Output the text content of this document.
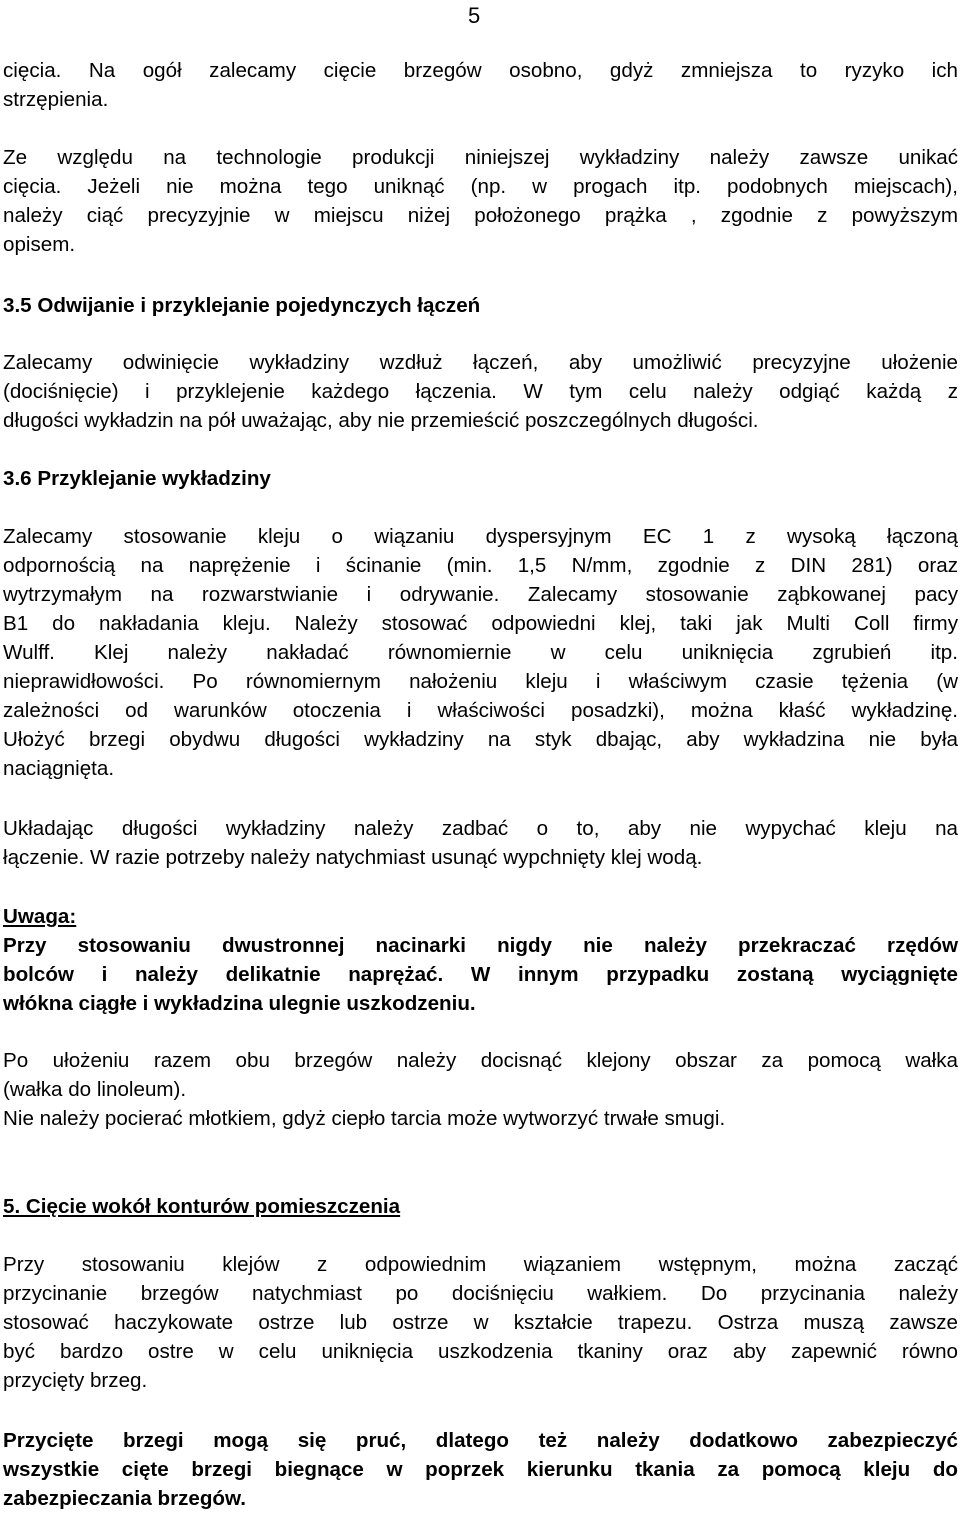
5
cięcia. Na ogół zalecamy cięcie brzegów osobno, gdyż zmniejsza to ryzyko ich
strzępienia.
Ze względu na technologie produkcji niniejszej wykładziny należy zawsze unikać
cięcia. Jeżeli nie można tego uniknąć (np. w progach itp. podobnych miejscach),
należy ciąć precyzyjnie w miejscu niżej położonego prążka , zgodnie z powyższym
opisem.
3.5 Odwijanie i przyklejanie pojedynczych łączeń
Zalecamy odwinięcie wykładziny wzdłuż łączeń, aby umożliwić precyzyjne ułożenie
(dociśnięcie) i przyklejenie każdego łączenia. W tym celu należy odgiąć każdą z
długości wykładzin na pół uważając, aby nie przemieścić poszczególnych długości.
3.6 Przyklejanie wykładziny
Zalecamy stosowanie kleju o wiązaniu dyspersyjnym EC 1 z wysoką łączoną
odpornością na naprężenie i ścinanie (min. 1,5 N/mm, zgodnie z DIN 281) oraz
wytrzymałym na rozwarstwianie i odrywanie. Zalecamy stosowanie ząbkowanej pacy
B1 do nakładania kleju. Należy stosować odpowiedni klej, taki jak Multi Coll firmy
Wulff. Klej należy nakładać równomiernie w celu uniknięcia zgrubień itp.
nieprawidłowości. Po równomiernym nałożeniu kleju i właściwym czasie tężenia (w
zależności od warunków otoczenia i właściwości posadzki), można kłaść wykładzinę.
Ułożyć brzegi obydwu długości wykładziny na styk dbając, aby wykładzina nie była
naciągnięta.
Układając długości wykładziny należy zadbać o to, aby nie wypychać kleju na
łączenie. W razie potrzeby należy natychmiast usunąć wypchnięty klej wodą.
Uwaga:
Przy stosowaniu dwustronnej nacinarki nigdy nie należy przekraczać rzędów
bolców i należy delikatnie naprężać. W innym przypadku zostaną wyciągnięte
włókna ciągłe i wykładzina ulegnie uszkodzeniu.
Po ułożeniu razem obu brzegów należy docisnąć klejony obszar za pomocą wałka
(wałka do linoleum).
Nie należy pocierać młotkiem, gdyż ciepło tarcia może wytworzyć trwałe smugi.
5. Cięcie wokół konturów pomieszczenia
Przy stosowaniu klejów z odpowiednim wiązaniem wstępnym, można zacząć
przycinanie brzegów natychmiast po dociśnięciu wałkiem. Do przycinania należy
stosować haczykowate ostrze lub ostrze w kształcie trapezu. Ostrza muszą zawsze
być bardzo ostre w celu uniknięcia uszkodzenia tkaniny oraz aby zapewnić równo
przycięty brzeg.
Przycięte brzegi mogą się pruć, dlatego też należy dodatkowo zabezpieczyć
wszystkie cięte brzegi biegnące w poprzek kierunku tkania za pomocą kleju do
zabezpieczania brzegów.
